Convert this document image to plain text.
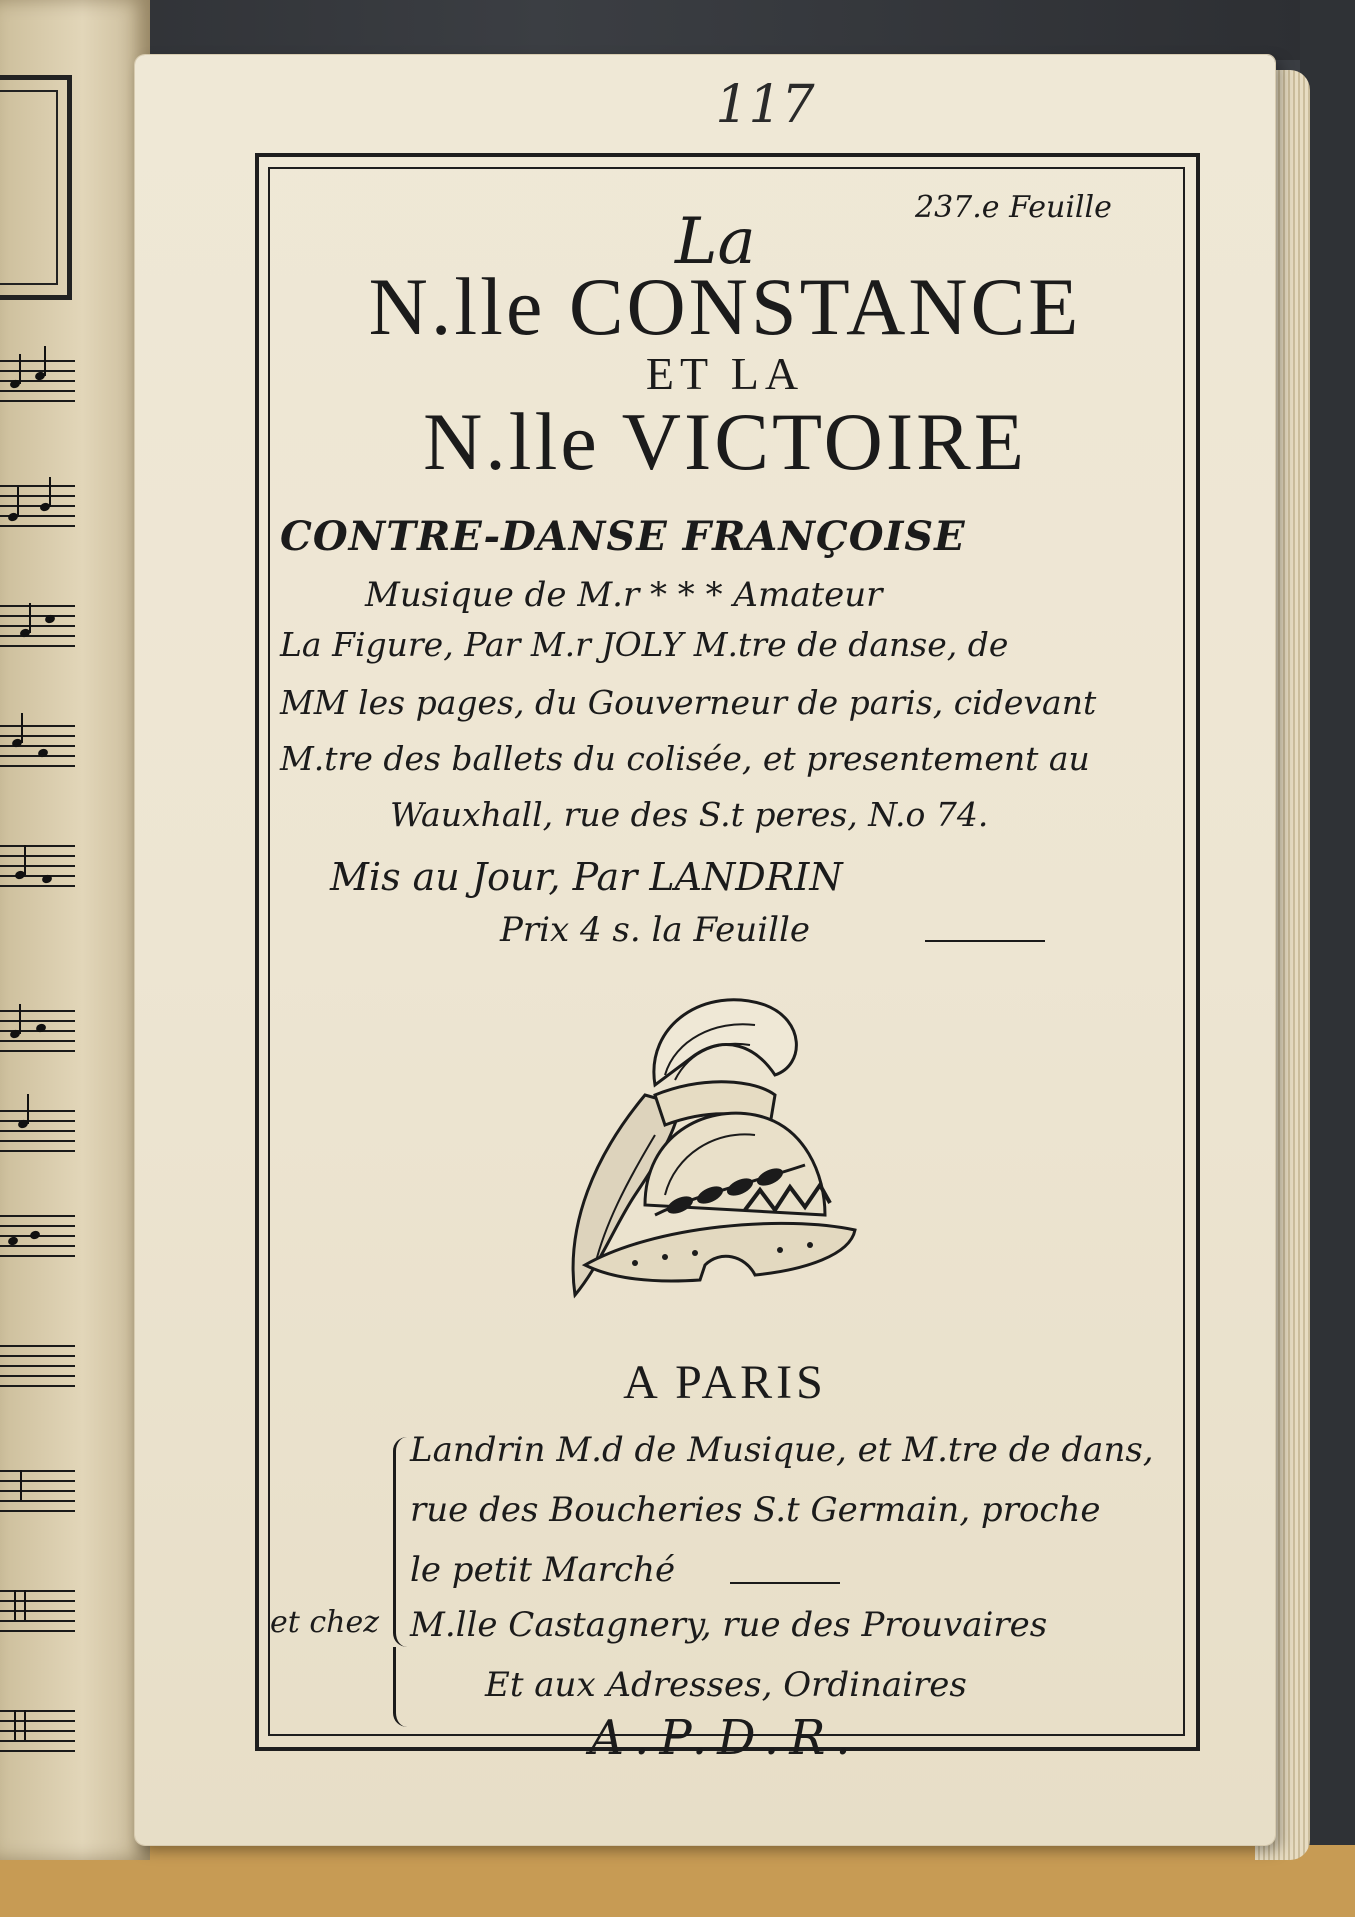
117
237.e Feuille
La
N.lle CONSTANCE
ET LA
N.lle VICTOIRE
CONTRE-DANSE FRANÇOISE
Musique de M.r * * * Amateur
La Figure, Par M.r JOLY M.tre de danse, de
MM les pages, du Gouverneur de paris, cidevant
M.tre des ballets du colisée, et presentement au
Wauxhall, rue des S.t peres, N.o 74.
Mis au Jour, Par LANDRIN
Prix 4 s. la Feuille
A PARIS
Landrin M.d de Musique, et M.tre de dans,
rue des Boucheries S.t Germain, proche
le petit Marché
et chez M.lle Castagnery, rue des Prouvaires
Et aux Adresses, Ordinaires
A.P.D.R.
